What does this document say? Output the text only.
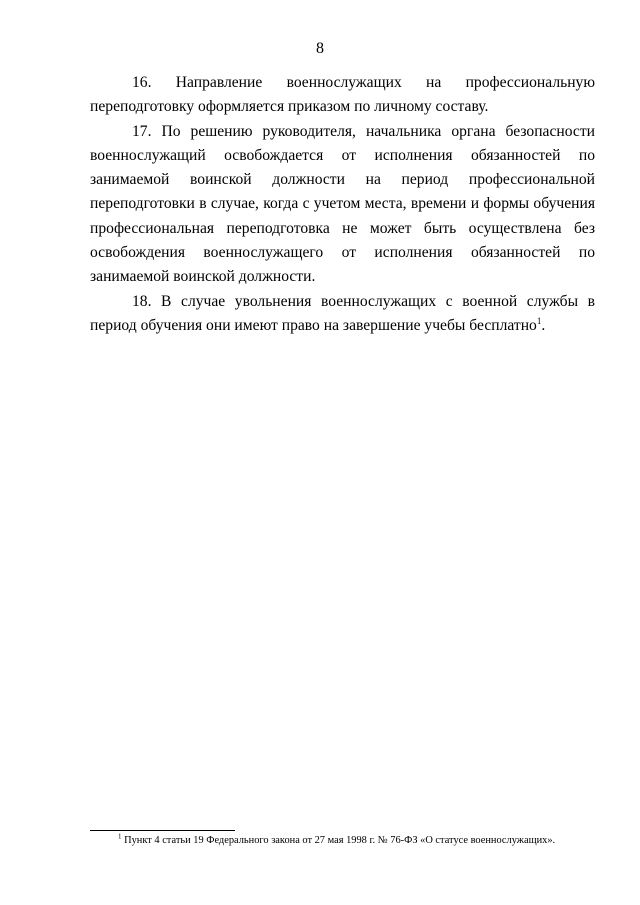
8

16. Направление военнослужащих на профессиональную
переподготовку оформляется приказом по личному составу.

17. По решению руководителя, начальника органа безопасности военнослужащий освобождается от исполнения обязанностей по занимаемой воинской должности на период профессиональной переподготовки в случае, когда с учетом места, времени и формы обучения профессиональная переподготовка не может быть осуществлена без освобождения военнослужащего от исполнения обязанностей по занимаемой воинской должности.

18. В случае увольнения военнослужащих с военной службы в период обучения они имеют право на завершение учебы бесплатно$^1$.

$^1$ Пункт 4 статьи 19 Федерального закона от 27 мая 1998 г. № 76-ФЗ «О статусе военнослужащих».
